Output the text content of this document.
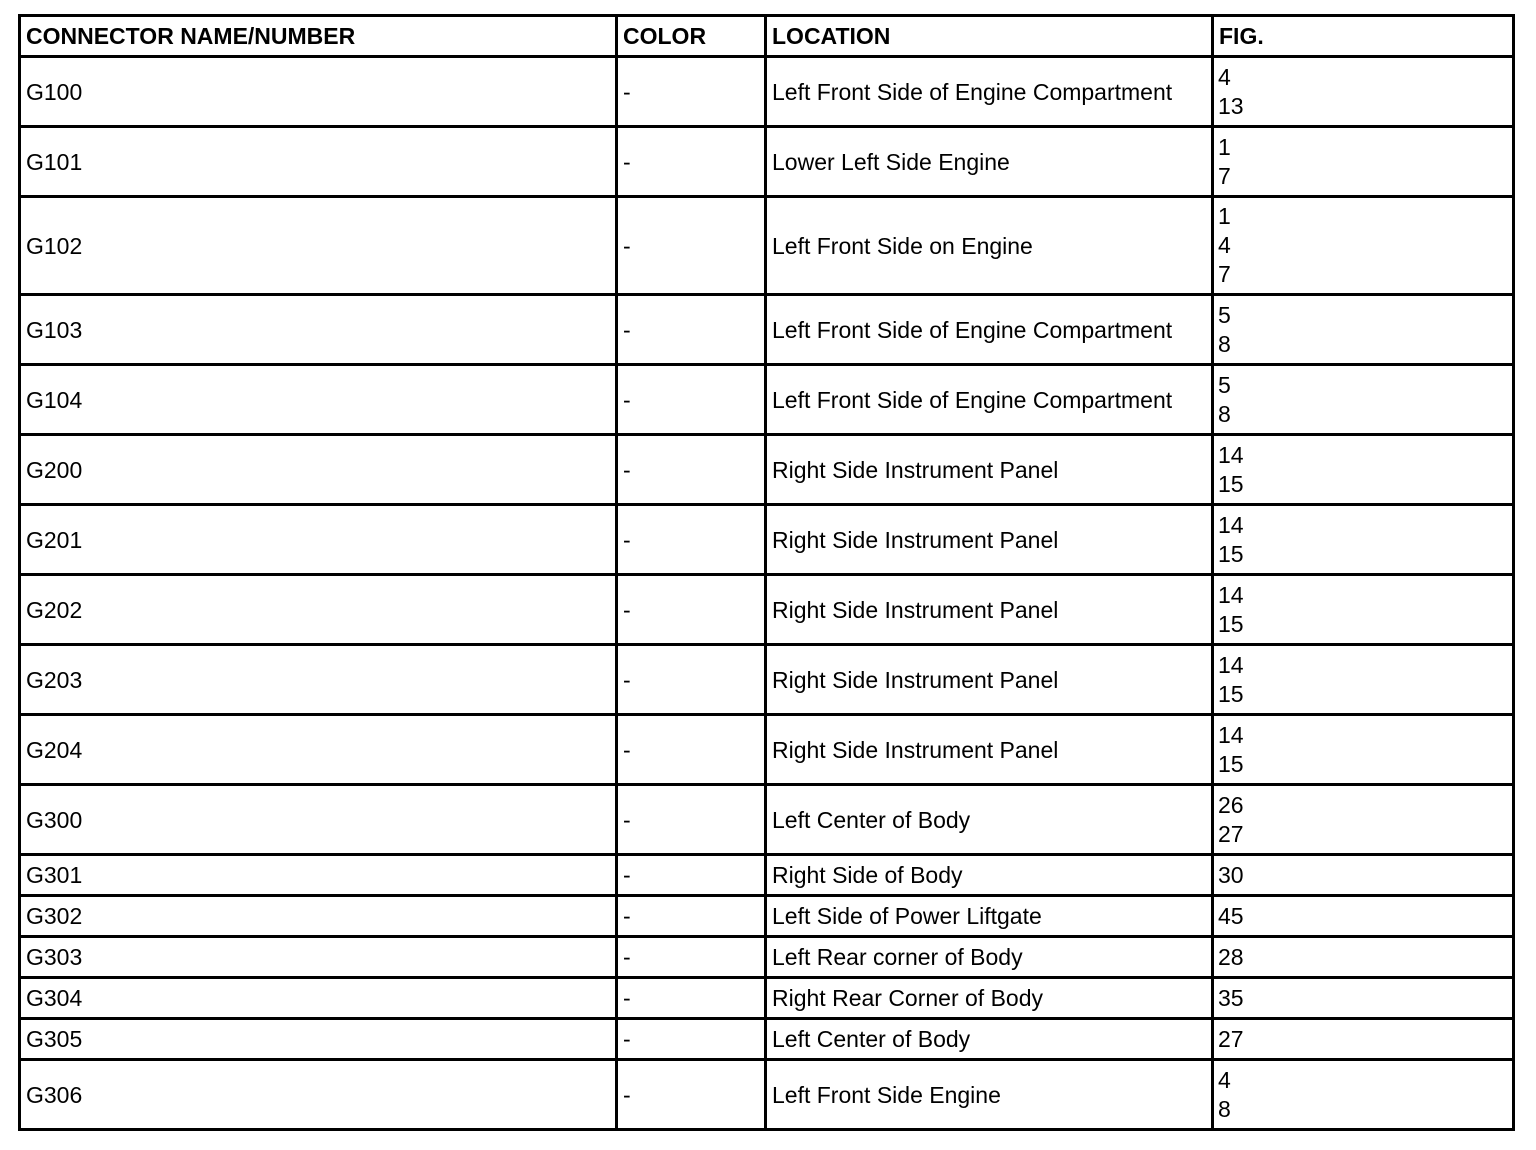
CONNECTOR NAME/NUMBER	COLOR	LOCATION	FIG.
G100	-	Left Front Side of Engine Compartment	4
13

G101	-	Lower Left Side Engine	1
7

G102	-	Left Front Side on Engine	1
4
7

G103	-	Left Front Side of Engine Compartment	5
8

G104	-	Left Front Side of Engine Compartment	5
8

G200	-	Right Side Instrument Panel	14
15

G201	-	Right Side Instrument Panel	14
15

G202	-	Right Side Instrument Panel	14
15

G203	-	Right Side Instrument Panel	14
15

G204	-	Right Side Instrument Panel	14
15

G300	-	Left Center of Body	26
27

G301	-	Right Side of Body	30

G302	-	Left Side of Power Liftgate	45

G303	-	Left Rear corner of Body	28

G304	-	Right Rear Corner of Body	35

G305	-	Left Center of Body	27

G306	-	Left Front Side Engine	4
8
